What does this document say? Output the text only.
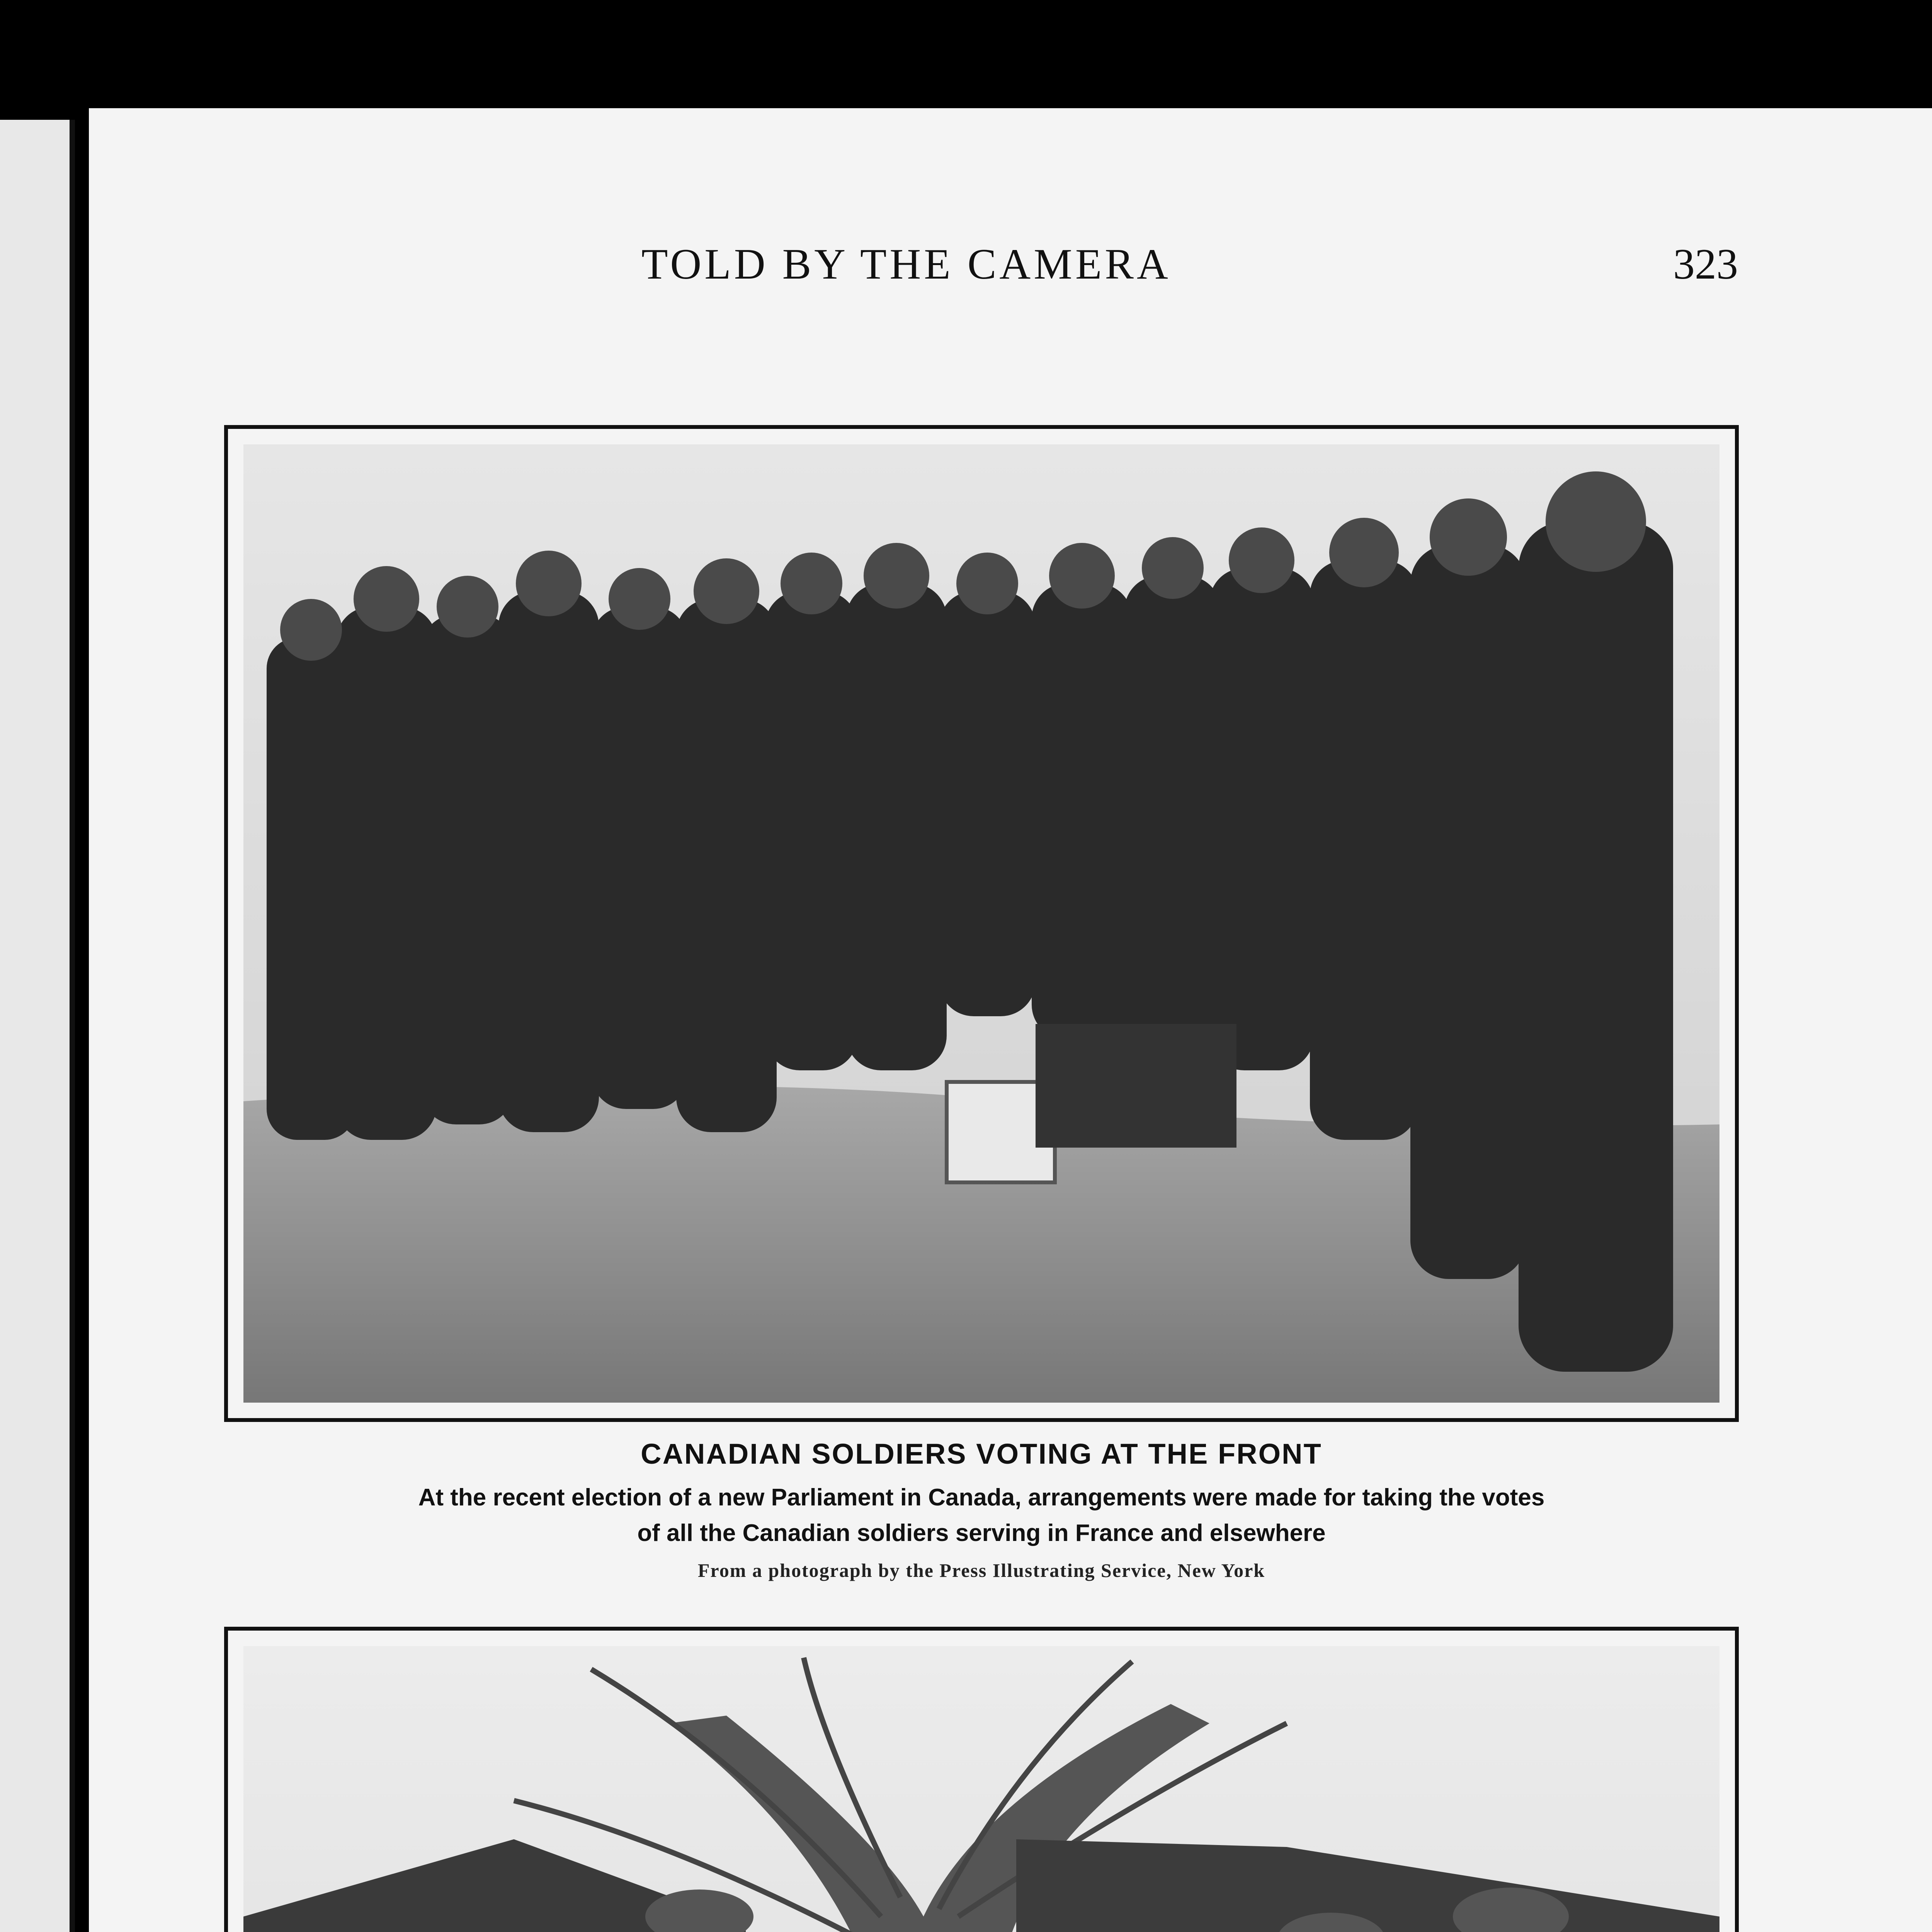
TOLD BY THE CAMERA	323
CANADIAN SOLDIERS VOTING AT THE FRONT
At the recent election of a new Parliament in Canada, arrangements were made for taking the votes
of all the Canadian soldiers serving in France and elsewhere
From a photograph by the Press Illustrating Service, New York
